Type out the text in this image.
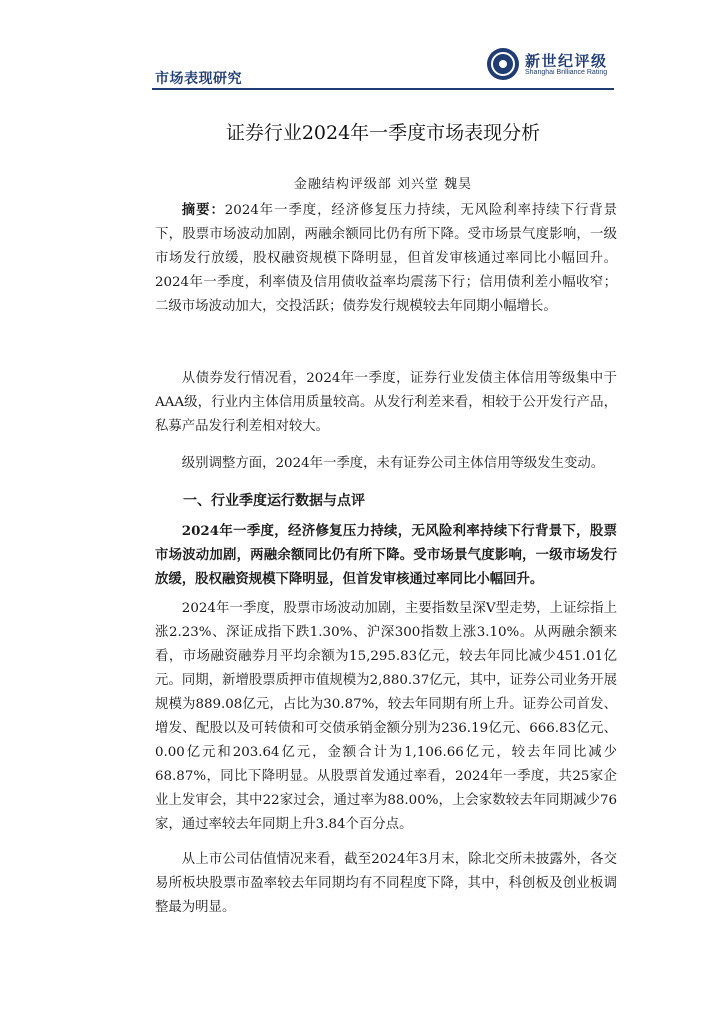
市场表现研究
新世纪评级
Shanghai Brilliance Rating
证券行业2024年一季度市场表现分析
金融结构评级部 刘兴堂 魏昊

摘要：2024年一季度，经济修复压力持续，无风险利率持续下行背景下，股票市场波动加剧，两融余额同比仍有所下降。受市场景气度影响，一级市场发行放缓，股权融资规模下降明显，但首发审核通过率同比小幅回升。2024年一季度，利率债及信用债收益率均震荡下行；信用债利差小幅收窄；二级市场波动加大，交投活跃；债券发行规模较去年同期小幅增长。

从债券发行情况看，2024年一季度，证券行业发债主体信用等级集中于AAA级，行业内主体信用质量较高。从发行利差来看，相较于公开发行产品，私募产品发行利差相对较大。

级别调整方面，2024年一季度，未有证券公司主体信用等级发生变动。

一、行业季度运行数据与点评

2024年一季度，经济修复压力持续，无风险利率持续下行背景下，股票市场波动加剧，两融余额同比仍有所下降。受市场景气度影响，一级市场发行放缓，股权融资规模下降明显，但首发审核通过率同比小幅回升。

2024年一季度，股票市场波动加剧，主要指数呈深V型走势，上证综指上涨2.23%、深证成指下跌1.30%、沪深300指数上涨3.10%。从两融余额来看，市场融资融券月平均余额为15,295.83亿元，较去年同比减少451.01亿元。同期，新增股票质押市值规模为2,880.37亿元，其中，证券公司业务开展规模为889.08亿元，占比为30.87%，较去年同期有所上升。证券公司首发、增发、配股以及可转债和可交债承销金额分别为236.19亿元、666.83亿元、0.00亿元和203.64亿元，金额合计为1,106.66亿元，较去年同比减少68.87%，同比下降明显。从股票首发通过率看，2024年一季度，共25家企业上发审会，其中22家过会，通过率为88.00%，上会家数较去年同期减少76家，通过率较去年同期上升3.84个百分点。

从上市公司估值情况来看，截至2024年3月末，除北交所未披露外，各交易所板块股票市盈率较去年同期均有不同程度下降，其中，科创板及创业板调整最为明显。
